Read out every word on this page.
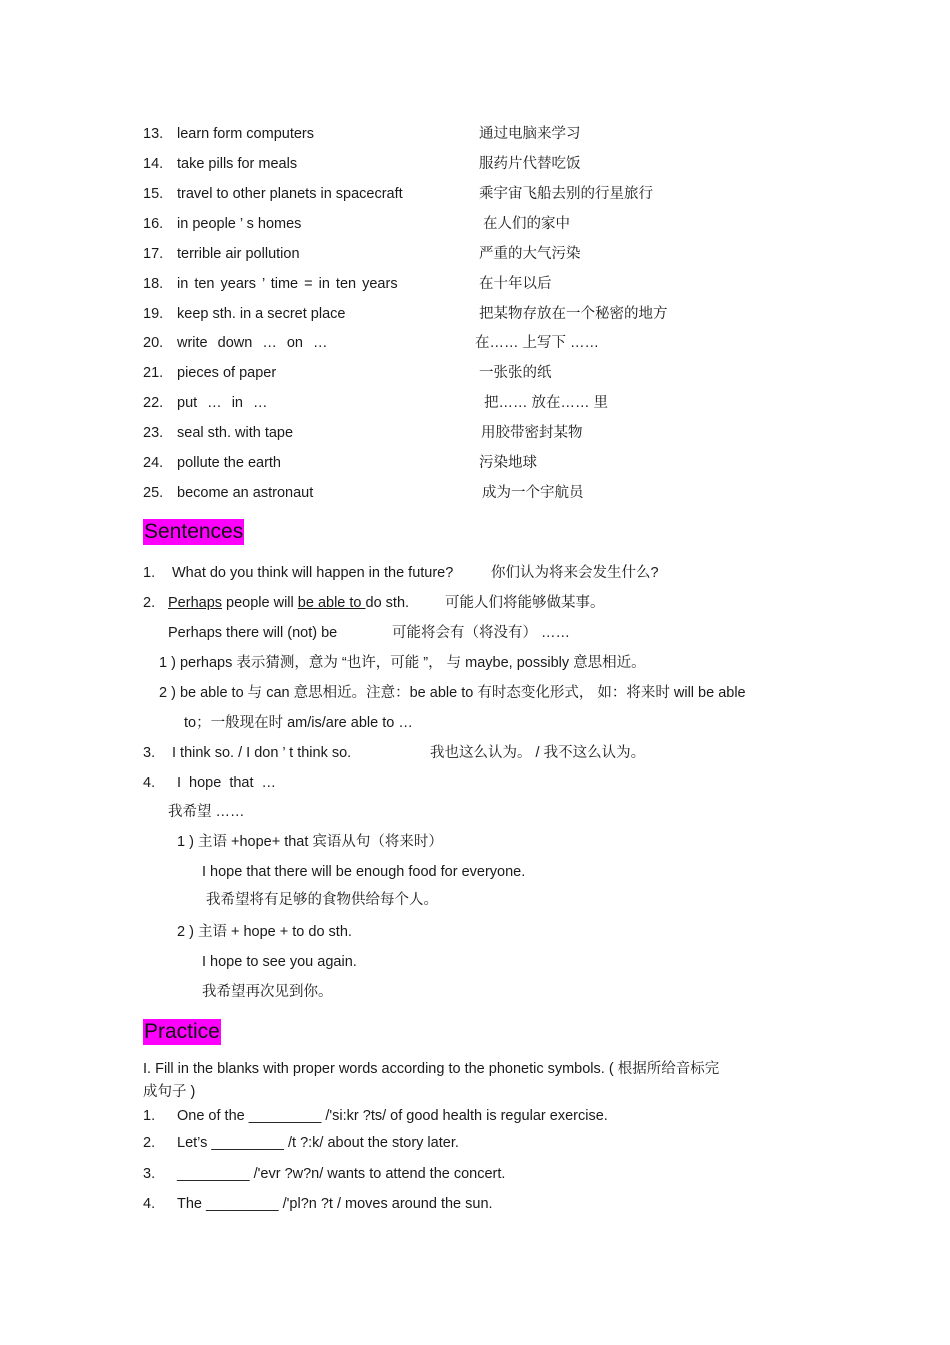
13. learn form computers	通过电脑来学习
14. take pills for meals	服药片代替吃饭
15. travel to other planets in spacecraft	乘宇宙飞船去别的行星旅行
16. in people ’ s homes	在人们的家中
17. terrible air pollution	严重的大气污染
18. in ten years ’ time = in ten years	在十年以后
19. keep sth. in a secret place	把某物存放在一个秘密的地方
20. write down … on …	在…… 上写下 ……
21. pieces of paper	一张张的纸
22. put … in …	把…… 放在…… 里
23. seal sth. with tape	用胶带密封某物
24. pollute the earth	污染地球
25. become an astronaut	成为一个宇航员
Sentences
1. What do you think will happen in the future?	你们认为将来会发生什么?
2. Perhaps people will be able to do sth. 可能人们将能够做某事。
Perhaps there will (not) be	可能将会有（将没有） ……
1 ) perhaps 表示猜测，意为 “也许，可能 ”， 与 maybe, possibly 意思相近。
2 ) be able to 与 can 意思相近。注意：be able to 有时态变化形式， 如：将来时 will be able
to；一般现在时 am/is/are able to …
3. I think so. / I don ’ t think so.	我也这么认为。 / 我不这么认为。
4. I hope that …
我希望 ……
1 ) 主语 +hope+ that 宾语从句（将来时）
I hope that there will be enough food for everyone.
我希望将有足够的食物供给每个人。
2 ) 主语 + hope + to do sth.
I hope to see you again.
我希望再次见到你。
Practice
I. Fill in the blanks with proper words according to the phonetic symbols. ( 根据所给音标完
成句子 )
1. One of the _________ /'si:kr ?ts/ of good health is regular exercise.
2. Let’s _________ /t ?:k/ about the story later.
3. _________ /'evr ?w?n/ wants to attend the concert.
4. The _________ /'pl?n ?t / moves around the sun.
